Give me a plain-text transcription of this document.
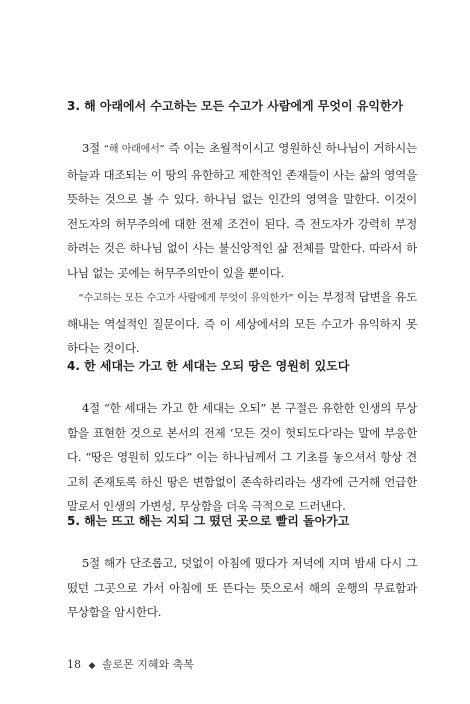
3. 해 아래에서 수고하는 모든 수고가 사람에게 무엇이 유익한가

3절 “해 아래에서” 즉 이는 초월적이시고 영원하신 하나님이 거하시는 하늘과 대조되는 이 땅의 유한하고 제한적인 존재들이 사는 삶의 영역을 뜻하는 것으로 볼 수 있다. 하나님 없는 인간의 영역을 말한다. 이것이 전도자의 허무주의에 대한 전제 조건이 된다. 즉 전도자가 강력히 부정하려는 것은 하나님 없이 사는 불신앙적인 삶 전체를 말한다. 따라서 하나님 없는 곳에는 허무주의만이 있을 뿐이다.

“수고하는 모든 수고가 사람에게 무엇이 유익한가” 이는 부정적 답변을 유도해내는 역설적인 질문이다. 즉 이 세상에서의 모든 수고가 유익하지 못하다는 것이다.

4. 한 세대는 가고 한 세대는 오되 땅은 영원히 있도다

4절 “한 세대는 가고 한 세대는 오되” 본 구절은 유한한 인생의 무상함을 표현한 것으로 본서의 전제 ‘모든 것이 헛되도다’라는 말에 부응한다. “땅은 영원히 있도다” 이는 하나님께서 그 기초를 놓으셔서 항상 견고히 존재토록 하신 땅은 변함없이 존속하리라는 생각에 근거해 언급한 말로서 인생의 가변성, 무상함을 더욱 극적으로 드러낸다.

5. 해는 뜨고 해는 지되 그 떴던 곳으로 빨리 돌아가고

5절 해가 단조롭고, 덧없이 아침에 떴다가 저녁에 지며 밤새 다시 그 떴던 그곳으로 가서 아침에 또 뜬다는 뜻으로서 해의 운행의 무료함과 무상함을 암시한다.

18 ◆ 솔로몬 지혜와 축복
